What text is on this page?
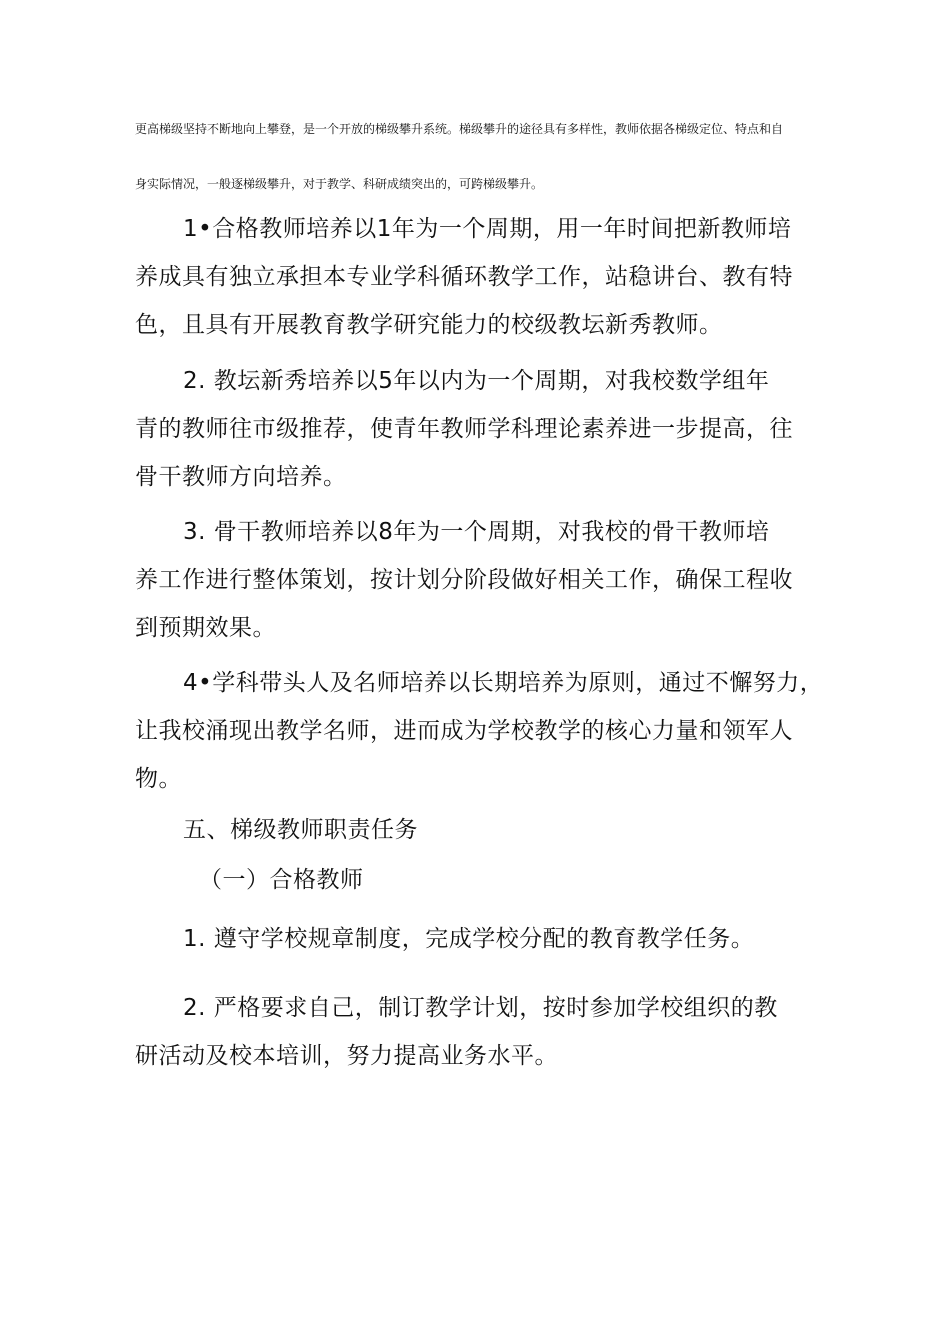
更高梯级坚持不断地向上攀登，是一个开放的梯级攀升系统。梯级攀升的途径具有多样性，教师依据各梯级定位、特点和自
身实际情况，一般逐梯级攀升，对于教学、科研成绩突出的，可跨梯级攀升。
1•合格教师培养以1年为一个周期，用一年时间把新教师培
养成具有独立承担本专业学科循环教学工作，站稳讲台、教有特
色，且具有开展教育教学研究能力的校级教坛新秀教师。
2. 教坛新秀培养以5年以内为一个周期，对我校数学组年
青的教师往市级推荐，使青年教师学科理论素养进一步提高，往
骨干教师方向培养。
3. 骨干教师培养以8年为一个周期，对我校的骨干教师培
养工作进行整体策划，按计划分阶段做好相关工作，确保工程收
到预期效果。
4•学科带头人及名师培养以长期培养为原则，通过不懈努力，
让我校涌现出教学名师，进而成为学校教学的核心力量和领军人
物。
五、梯级教师职责任务
（一）合格教师
1. 遵守学校规章制度，完成学校分配的教育教学任务。
2. 严格要求自己，制订教学计划，按时参加学校组织的教
研活动及校本培训，努力提高业务水平。
